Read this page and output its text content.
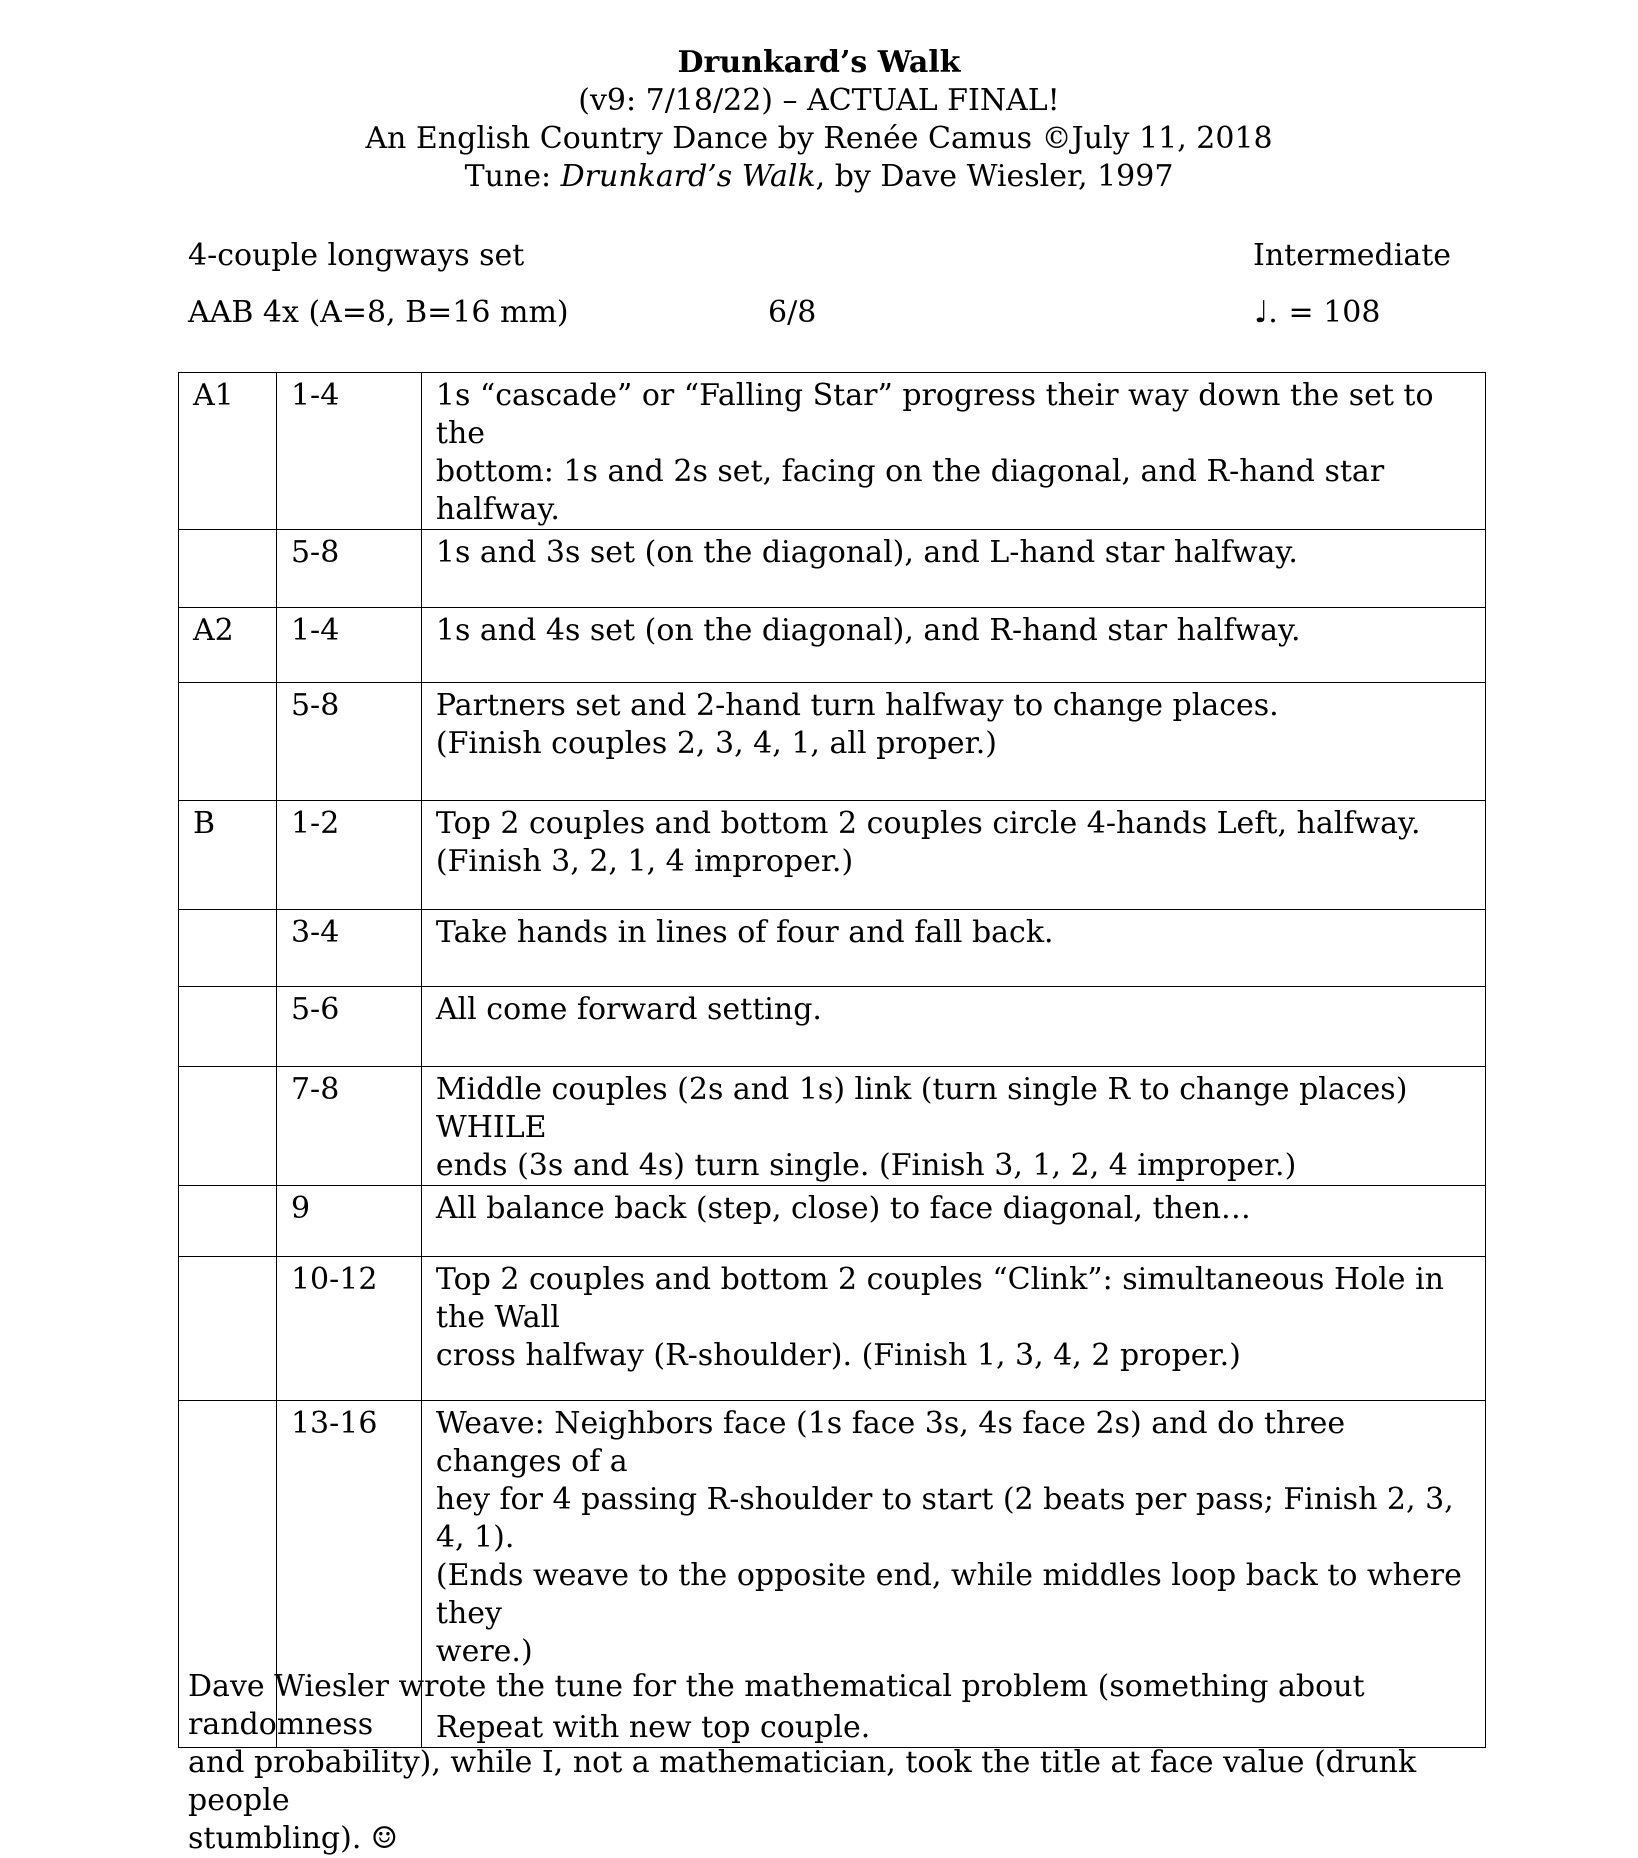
Drunkard’s Walk
(v9: 7/18/22) – ACTUAL FINAL!
An English Country Dance by Renée Camus ©July 11, 2018
Tune: Drunkard’s Walk, by Dave Wiesler, 1997
4-couple longways set	Intermediate
AAB 4x (A=8, B=16 mm)	6/8	♩. = 108
A1	1-4	1s “cascade” or “Falling Star” progress their way down the set to the
bottom: 1s and 2s set, facing on the diagonal, and R-hand star halfway.

	5-8	1s and 3s set (on the diagonal), and L-hand star halfway.

A2	1-4	1s and 4s set (on the diagonal), and R-hand star halfway.

	5-8	Partners set and 2-hand turn halfway to change places.
(Finish couples 2, 3, 4, 1, all proper.)

B	1-2	Top 2 couples and bottom 2 couples circle 4-hands Left, halfway.
(Finish 3, 2, 1, 4 improper.)

	3-4	Take hands in lines of four and fall back.

	5-6	All come forward setting.

	7-8	Middle couples (2s and 1s) link (turn single R to change places) WHILE
ends (3s and 4s) turn single. (Finish 3, 1, 2, 4 improper.)

	9	All balance back (step, close) to face diagonal, then…

	10-12	Top 2 couples and bottom 2 couples “Clink”: simultaneous Hole in the Wall
cross halfway (R-shoulder). (Finish 1, 3, 4, 2 proper.)

	13-16	Weave: Neighbors face (1s face 3s, 4s face 2s) and do three changes of a
hey for 4 passing R-shoulder to start (2 beats per pass; Finish 2, 3, 4, 1).
(Ends weave to the opposite end, while middles loop back to where they
were.)
Repeat with new top couple.
Dave Wiesler wrote the tune for the mathematical problem (something about randomness
and probability), while I, not a mathematician, took the title at face value (drunk people
stumbling). ☺
